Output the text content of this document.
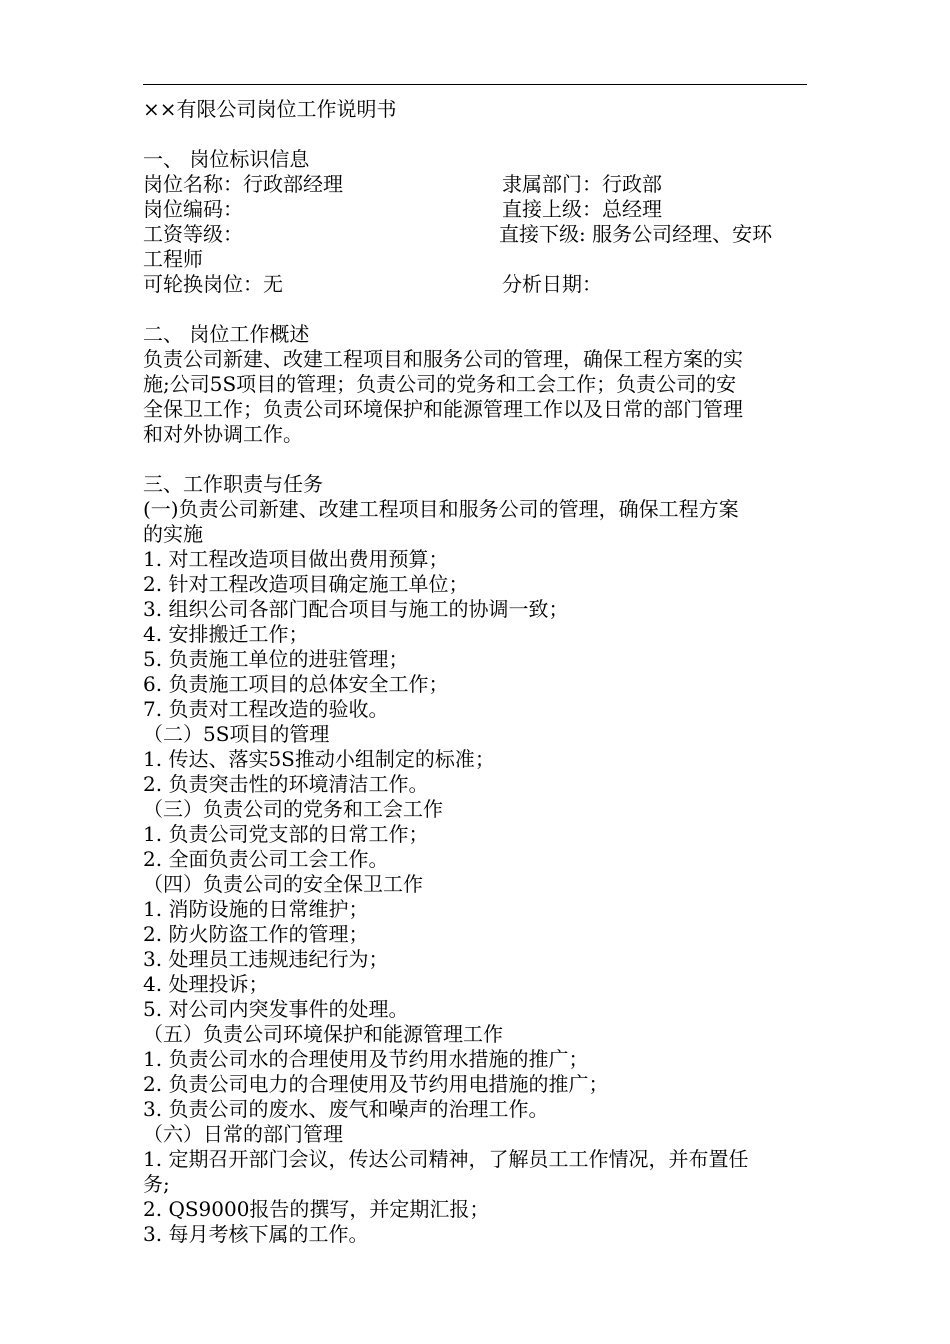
××有限公司岗位工作说明书
一、 岗位标识信息
岗位名称：行政部经理	隶属部门：行政部
岗位编码：	直接上级：总经理
工资等级：	直接下级: 服务公司经理、安环
工程师
可轮换岗位：无	分析日期：
二、 岗位工作概述
负责公司新建、改建工程项目和服务公司的管理，确保工程方案的实
施;公司5S项目的管理；负责公司的党务和工会工作；负责公司的安
全保卫工作；负责公司环境保护和能源管理工作以及日常的部门管理
和对外协调工作。
三、工作职责与任务
(一)负责公司新建、改建工程项目和服务公司的管理，确保工程方案
的实施
1. 对工程改造项目做出费用预算；
2. 针对工程改造项目确定施工单位；
3. 组织公司各部门配合项目与施工的协调一致；
4. 安排搬迁工作；
5. 负责施工单位的进驻管理；
6. 负责施工项目的总体安全工作；
7. 负责对工程改造的验收。
（二）5S项目的管理
1. 传达、落实5S推动小组制定的标准；
2. 负责突击性的环境清洁工作。
（三）负责公司的党务和工会工作
1. 负责公司党支部的日常工作；
2. 全面负责公司工会工作。
（四）负责公司的安全保卫工作
1. 消防设施的日常维护；
2. 防火防盗工作的管理；
3. 处理员工违规违纪行为；
4. 处理投诉；
5. 对公司内突发事件的处理。
（五）负责公司环境保护和能源管理工作
1. 负责公司水的合理使用及节约用水措施的推广；
2. 负责公司电力的合理使用及节约用电措施的推广；
3. 负责公司的废水、废气和噪声的治理工作。
（六）日常的部门管理
1. 定期召开部门会议，传达公司精神，了解员工工作情况，并布置任
务;
2. QS9000报告的撰写，并定期汇报；
3. 每月考核下属的工作。
